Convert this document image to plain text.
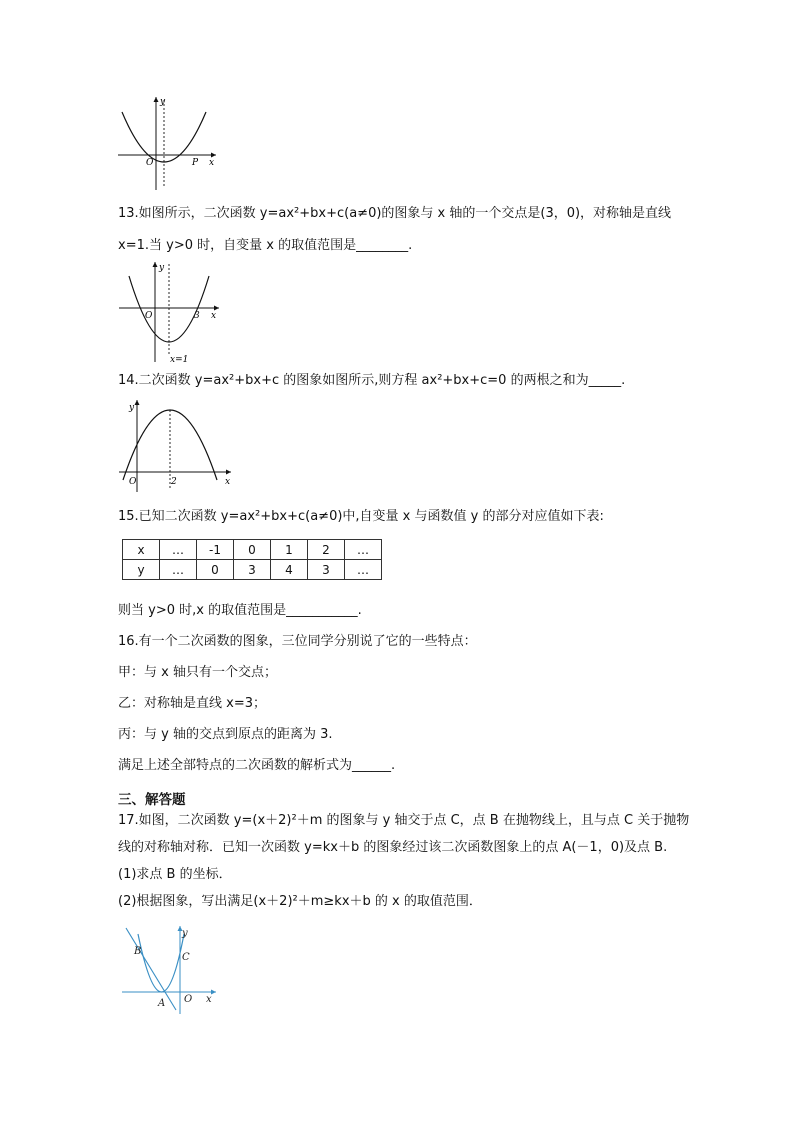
y
O	P x
13.如图所示，二次函数 y=ax²+bx+c(a≠0)的图象与 x 轴的一个交点是(3，0)，对称轴是直线
x=1.当 y>0 时，自变量 x 的取值范围是________.
y
O	3 x
x=1
14.二次函数 y=ax²+bx+c 的图象如图所示,则方程 ax²+bx+c=0 的两根之和为_____.
y
O	2	x
15.已知二次函数 y=ax²+bx+c(a≠0)中,自变量 x 与函数值 y 的部分对应值如下表:
x	…	-1	0	1	2	…
y	…	0	3	4	3	…
则当 y>0 时,x 的取值范围是___________.
16.有一个二次函数的图象，三位同学分别说了它的一些特点：
甲：与 x 轴只有一个交点；
乙：对称轴是直线 x=3；
丙：与 y 轴的交点到原点的距离为 3.
满足上述全部特点的二次函数的解析式为______.
三、解答题
17.如图，二次函数 y=(x＋2)²＋m 的图象与 y 轴交于点 C，点 B 在抛物线上，且与点 C 关于抛物
线的对称轴对称．已知一次函数 y=kx＋b 的图象经过该二次函数图象上的点 A(－1，0)及点 B.
(1)求点 B 的坐标．
(2)根据图象，写出满足(x＋2)²＋m≥kx＋b 的 x 的取值范围．
B
y
C
A O x
